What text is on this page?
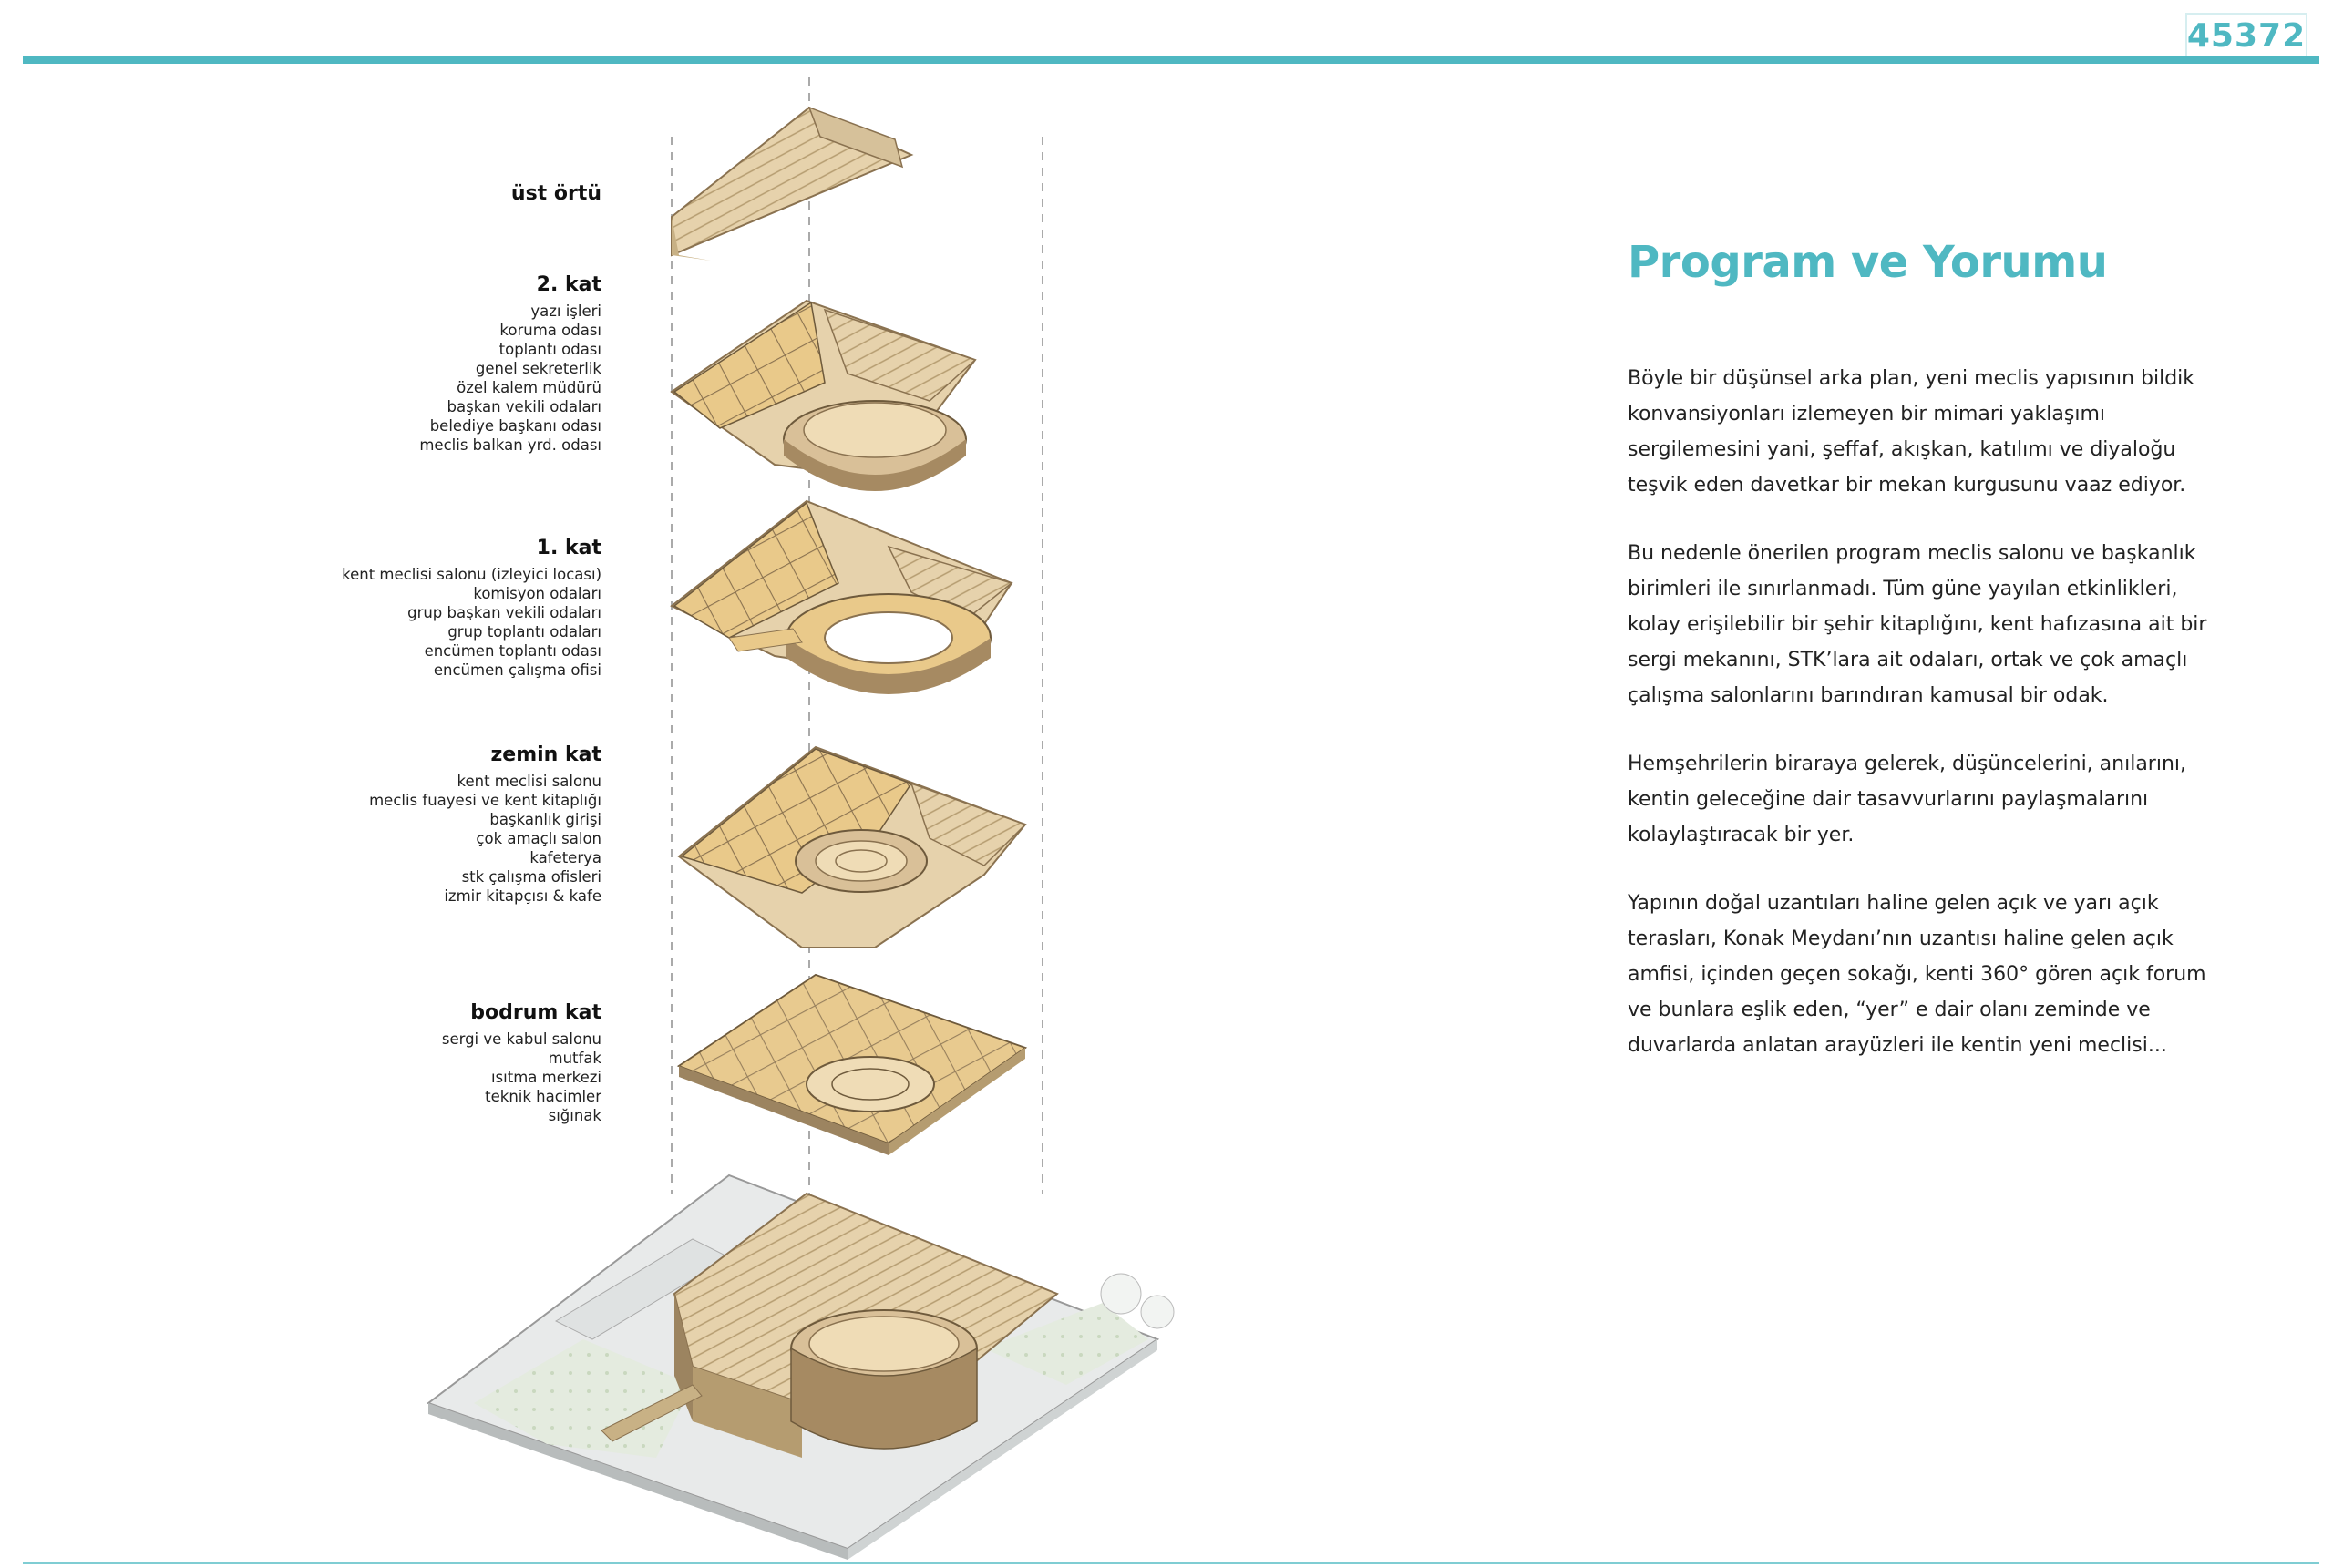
45372
üst örtü
2. kat
yazı işleri
koruma odası
toplantı odası
genel sekreterlik
özel kalem müdürü
başkan vekili odaları
belediye başkanı odası
meclis balkan yrd. odası
1. kat
kent meclisi salonu (izleyici locası)
komisyon odaları
grup başkan vekili odaları
grup toplantı odaları
encümen toplantı odası
encümen çalışma ofisi
zemin kat
kent meclisi salonu
meclis fuayesi ve kent kitaplığı
başkanlık girişi
çok amaçlı salon
kafeterya
stk çalışma ofisleri
izmir kitapçısı & kafe
bodrum kat
sergi ve kabul salonu
mutfak
ısıtma merkezi
teknik hacimler
sığınak
Program ve Yorumu

Böyle bir düşünsel arka plan, yeni meclis yapısının bildik konvansiyonları izlemeyen bir mimari yaklaşımı sergilemesini yani, şeffaf, akışkan, katılımı ve diyaloğu teşvik eden davetkar bir mekan kurgusunu vaaz ediyor.

Bu nedenle önerilen program meclis salonu ve başkanlık birimleri ile sınırlanmadı. Tüm güne yayılan etkinlikleri, kolay erişilebilir bir şehir kitaplığını, kent hafızasına ait bir sergi mekanını, STK’lara ait odaları, ortak ve çok amaçlı çalışma salonlarını barındıran kamusal bir odak.

Hemşehrilerin biraraya gelerek, düşüncelerini, anılarını, kentin geleceğine dair tasavvurlarını paylaşmalarını kolaylaştıracak bir yer.

Yapının doğal uzantıları haline gelen açık ve yarı açık terasları, Konak Meydanı’nın uzantısı haline gelen açık amfisi, içinden geçen sokağı, kenti 360° gören açık forum ve bunlara eşlik eden, “yer” e dair olanı zeminde ve duvarlarda anlatan arayüzleri ile kentin yeni meclisi...
